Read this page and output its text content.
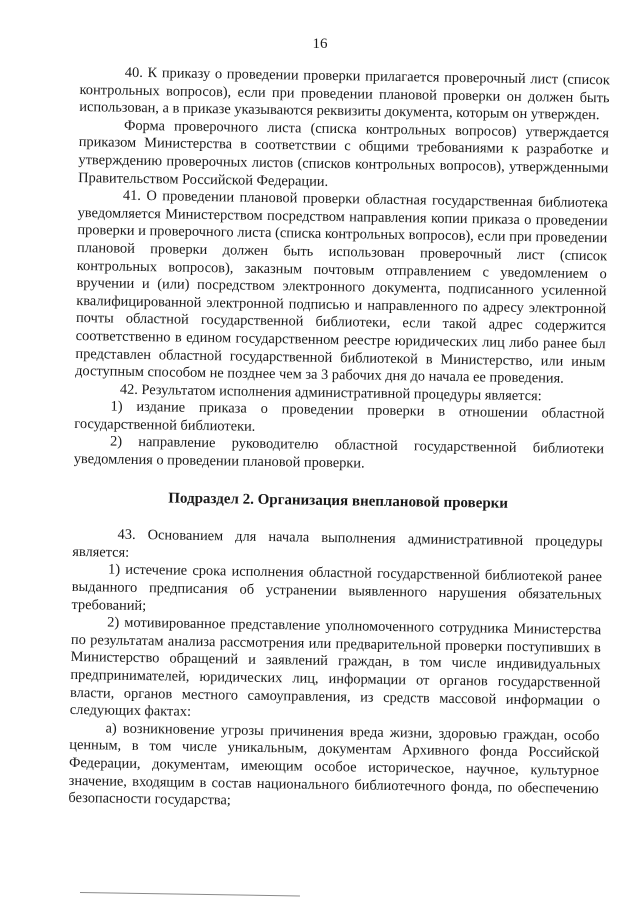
16

40. К приказу о проведении проверки прилагается проверочный лист (список контрольных вопросов), если при проведении плановой проверки он должен быть использован, а в приказе указываются реквизиты документа, которым он утвержден.

Форма проверочного листа (списка контрольных вопросов) утверждается приказом Министерства в соответствии с общими требованиями к разработке и утверждению проверочных листов (списков контрольных вопросов), утвержденными Правительством Российской Федерации.

41. О проведении плановой проверки областная государственная библиотека уведомляется Министерством посредством направления копии приказа о проведении проверки и проверочного листа (списка контрольных вопросов), если при проведении плановой проверки должен быть использован проверочный лист (список контрольных вопросов), заказным почтовым отправлением с уведомлением о вручении и (или) посредством электронного документа, подписанного усиленной квалифицированной электронной подписью и направленного по адресу электронной почты областной государственной библиотеки, если такой адрес содержится соответственно в едином государственном реестре юридических лиц либо ранее был представлен областной государственной библиотекой в Министерство, или иным доступным способом не позднее чем за 3 рабочих дня до начала ее проведения.

42. Результатом исполнения административной процедуры является:

1) издание приказа о проведении проверки в отношении областной государственной библиотеки.

2) направление руководителю областной государственной библиотеки уведомления о проведении плановой проверки.

Подраздел 2. Организация внеплановой проверки

43. Основанием для начала выполнения административной процедуры является:

1) истечение срока исполнения областной государственной библиотекой ранее выданного предписания об устранении выявленного нарушения обязательных требований;

2) мотивированное представление уполномоченного сотрудника Министерства по результатам анализа рассмотрения или предварительной проверки поступивших в Министерство обращений и заявлений граждан, в том числе индивидуальных предпринимателей, юридических лиц, информации от органов государственной власти, органов местного самоуправления, из средств массовой информации о следующих фактах:

а) возникновение угрозы причинения вреда жизни, здоровью граждан, особо ценным, в том числе уникальным, документам Архивного фонда Российской Федерации, документам, имеющим особое историческое, научное, культурное значение, входящим в состав национального библиотечного фонда, по обеспечению безопасности государства;
